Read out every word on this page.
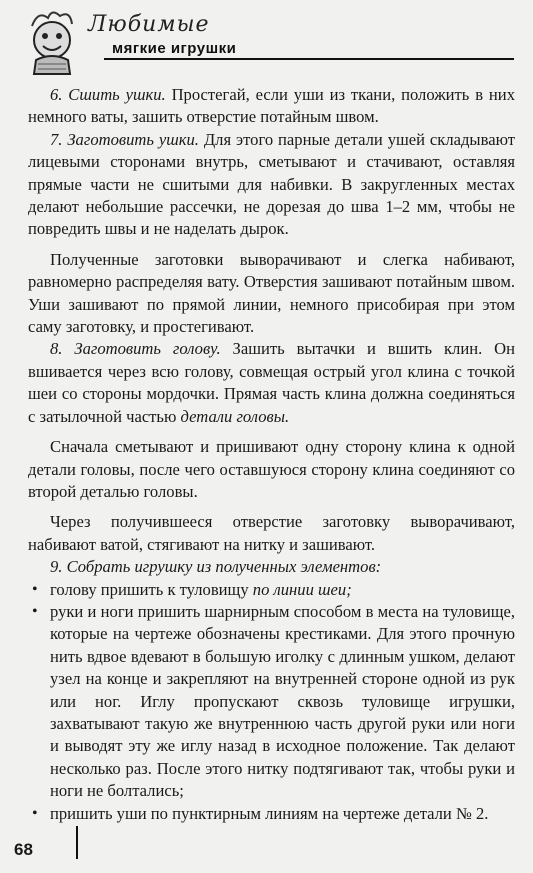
Любимые
мягкие игрушки

6. Сшить ушки. Простегай, если уши из ткани, положить в них немного ваты, зашить отверстие потайным швом.

7. Заготовить ушки. Для этого парные детали ушей складывают лицевыми сторонами внутрь, сметывают и стачивают, оставляя прямые части не сшитыми для набивки. В закругленных местах делают небольшие рассечки, не дорезая до шва 1–2 мм, чтобы не повредить швы и не наделать дырок.

Полученные заготовки выворачивают и слегка набивают, равномерно распределяя вату. Отверстия зашивают потайным швом. Уши зашивают по прямой линии, немного присобирая при этом саму заготовку, и простегивают.

8. Заготовить голову. Зашить вытачки и вшить клин. Он вшивается через всю голову, совмещая острый угол клина с точкой шеи со стороны мордочки. Прямая часть клина должна соединяться с затылочной частью детали головы.

Сначала сметывают и пришивают одну сторону клина к одной детали головы, после чего оставшуюся сторону клина соединяют со второй деталью головы.

Через получившееся отверстие заготовку выворачивают, набивают ватой, стягивают на нитку и зашивают.

9. Собрать игрушку из полученных элементов:

• голову пришить к туловищу по линии шеи;
• руки и ноги пришить шарнирным способом в места на туловище, которые на чертеже обозначены крестиками. Для этого прочную нить вдвое вдевают в большую иголку с длинным ушком, делают узел на конце и закрепляют на внутренней стороне одной из рук или ног. Иглу пропускают сквозь туловище игрушки, захватывают такую же внутреннюю часть другой руки или ноги и выводят эту же иглу назад в исходное положение. Так делают несколько раз. После этого нитку подтягивают так, чтобы руки и ноги не болтались;
• пришить уши по пунктирным линиям на чертеже детали № 2.
68
